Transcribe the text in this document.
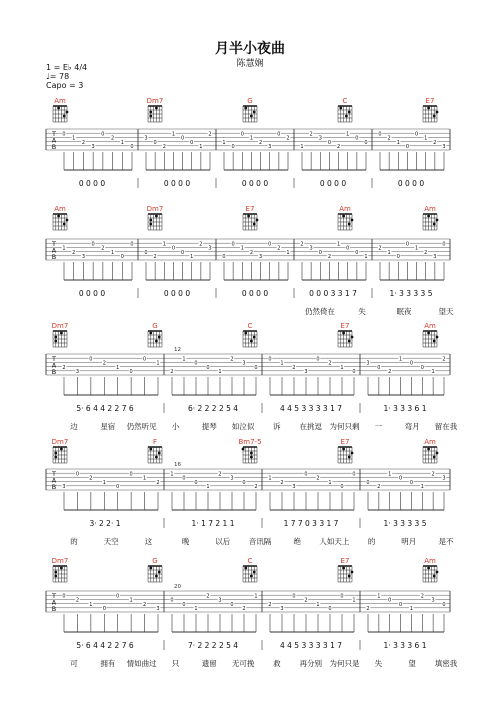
月半小夜曲
陈慧娴
1 = E♭ 4/4
♩= 78
Capo = 3
T
A
B
0
1
2
3
0
2
1
0
3
0
2
1
0
0
1
2
1
0
0
1
2
3
0
2
1
2
3
0
2
1
0
0
0
2
1
0
0
1
2
3
Am	Dm7	G	C	E7
0 0 0 0	0 0 0 0	0 0 0 0	0 0 0 0	0 0 0 0
T
A
B
1
2
3
0
2
1
0
0
0
2
1
0
0
1
2
3
0
0
1
2
3
0
2
1
2
3
0
2
1
0
0
1
2
1
0
0
1
2
3
0
Am	Dm7	E7	Am	Am
0 0 0 0	0 0 0 0	0 0 0 0	0 0 0 3 3 1 7	1· 3 3 3 3 5
仍然倚在	失	眠夜	望天
T
A
B
2
3
0
2
1
0
0
1
2
1
0
0
1
2
3
0
0
1
2
3
0
2
1
0
3
0
2
1
0
0
1
2
Dm7	G	C	E7	Am
12
5· 6 4 4 2 2 7 6	6· 2 2 2 2 5 4	4 4 5 3 3 3 3 1 7	1· 3 3 3 6 1
边	星宿 仍然听见 小	提琴 如泣似	诉	在挑逗 为何只剩 一	弯月 留在我
T
A
B 3
0
2
1
0
0
1
2
1
0
0
1
2
3
0
2
1
2
3
0
2
1
0
0
0
2
1
0
0
1
2
3
Dm7	F	Bm7-5	E7	Am
16
3· 2 2· 1	1· 1 7 2 1 1	1 7 7 0 3 3 1 7	1· 3 3 3 3 5
的	天空	这	晚	以后 音讯隔	绝 人如天上 的	明月	是不
T
A
B
0
2
1
0
0
1
2
3
0
0
1
2
3
0
2
1
2
3
0
2
1
0
0
1
2
1
0
0
1
2
3
0
Dm7	G	C	E7	Am
20
5· 6 4 4 2 2 7 6	7· 2 2 2 2 5 4	4 4 5 3 3 3 3 1 7	1· 3 3 3 6 1
可	拥有 情如曲过 只	遗留 无可挽	救	再分别 为何只是 失	望	填密我
